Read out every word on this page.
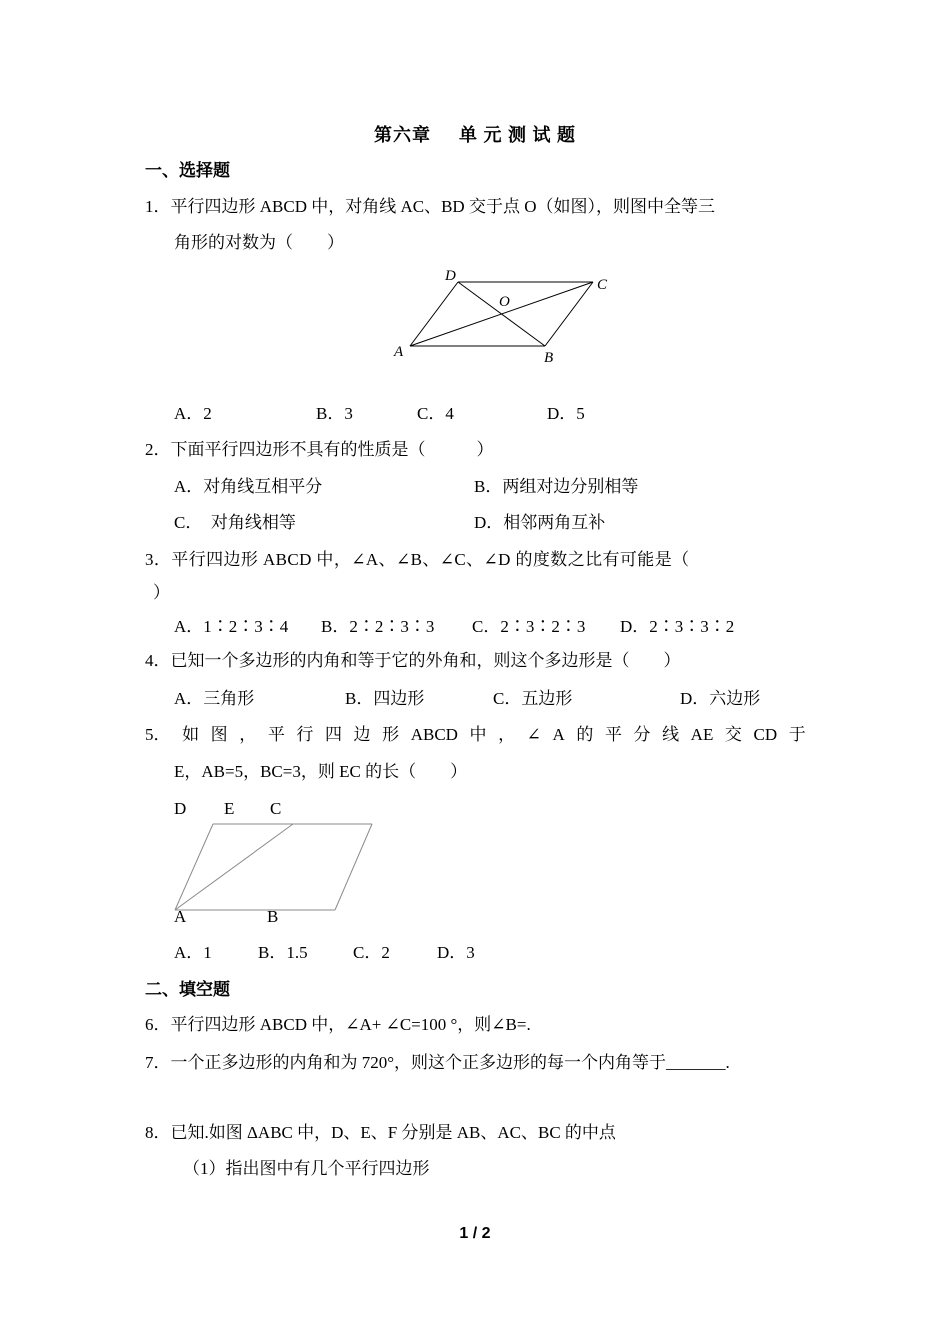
第六章 单 元 测 试 题
一、选择题
1．平行四边形 ABCD 中，对角线 AC、BD 交于点 O（如图），则图中全等三
角形的对数为（　　）
A	B
C
D
O
A．2	B．3	C．4	D．5
2．下面平行四边形不具有的性质是（　　　）
A．对角线互相平分	B．两组对边分别相等
C．  对角线相等	D．相邻两角互补
3．平行四边形 ABCD 中，∠A、∠B、∠C、∠D 的度数之比有可能是（
）
A．1∶2∶3∶4 B．2∶2∶3∶3 C．2∶3∶2∶3 D．2∶3∶3∶2
4．已知一个多边形的内角和等于它的外角和，则这个多边形是（　　）
A．三角形	B．四边形	C．五边形	D．六边形
5． 如 图 ， 平 行 四 边 形 ABCD 中 ， ∠ A 的 平 分 线 AE 交 CD 于
E，AB=5，BC=3，则 EC 的长（　　）
D E C
A	B
A．1	B．1.5	C．2	D．3
二、填空题
6．平行四边形 ABCD 中，∠A+ ∠C=100 °，则∠B=.
7．一个正多边形的内角和为 720°，则这个正多边形的每一个内角等于_______.
8．已知.如图 ΔABC 中，D、E、F 分别是 AB、AC、BC 的中点
（1）指出图中有几个平行四边形
1 / 2
